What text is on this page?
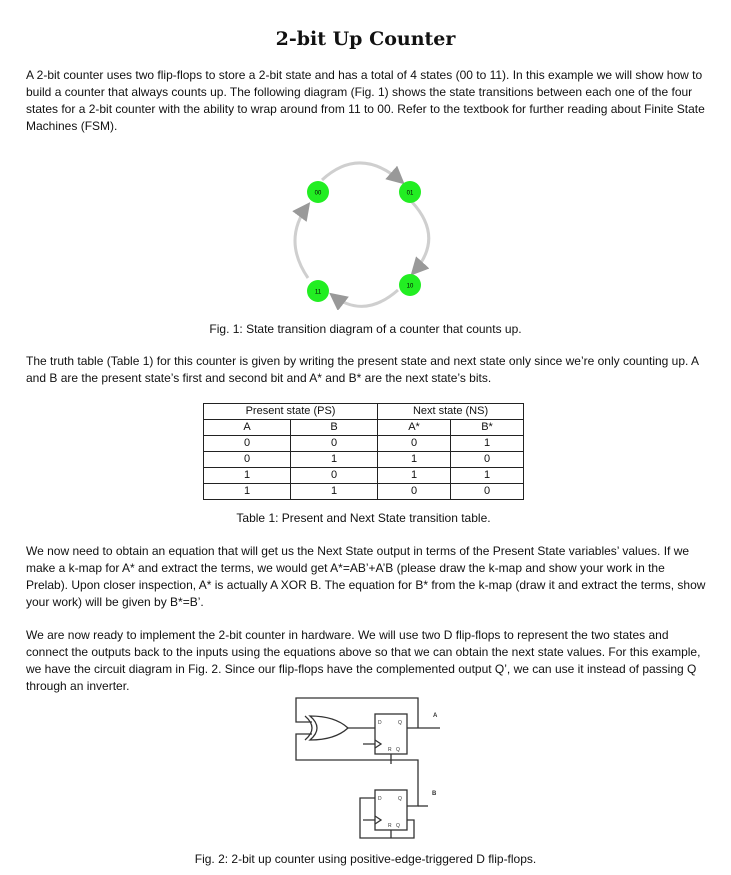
2-bit Up Counter

A 2-bit counter uses two flip-flops to store a 2-bit state and has a total of 4 states (00 to 11). In this example we will show how to build a counter that always counts up. The following diagram (Fig. 1) shows the state transitions between each one of the four states for a 2-bit counter with the ability to wrap around from 11 to 00. Refer to the textbook for further reading about Finite State Machines (FSM).

00	01
10
11
Fig. 1: State transition diagram of a counter that counts up.

The truth table (Table 1) for this counter is given by writing the present state and next state only since we’re only counting up. A and B are the present state’s first and second bit and A* and B* are the next state’s bits.

Present state (PS)		Next state (NS)	
A	B	A*	B*
0	0	0	1
0	1	1	0
1	0	1	1
1	1	0	0
Table 1: Present and Next State transition table.

We now need to obtain an equation that will get us the Next State output in terms of the Present State variables’ values. If we make a k-map for A* and extract the terms, we would get A*=AB’+A’B (please draw the k-map and show your work in the Prelab). Upon closer inspection, A* is actually A XOR B. The equation for B* from the k-map (draw it and extract the terms, show your work) will be given by B*=B’.

We are now ready to implement the 2-bit counter in hardware. We will use two D flip-flops to represent the two states and connect the outputs back to the inputs using the equations above so that we can obtain the next state values. For this example, we have the circuit diagram in Fig. 2. Since our flip-flops have the complemented output Q’, we can use it instead of passing Q through an inverter.

D	Q
R Q
D	Q
R Q
A
B
Fig. 2: 2-bit up counter using positive-edge-triggered D flip-flops.
